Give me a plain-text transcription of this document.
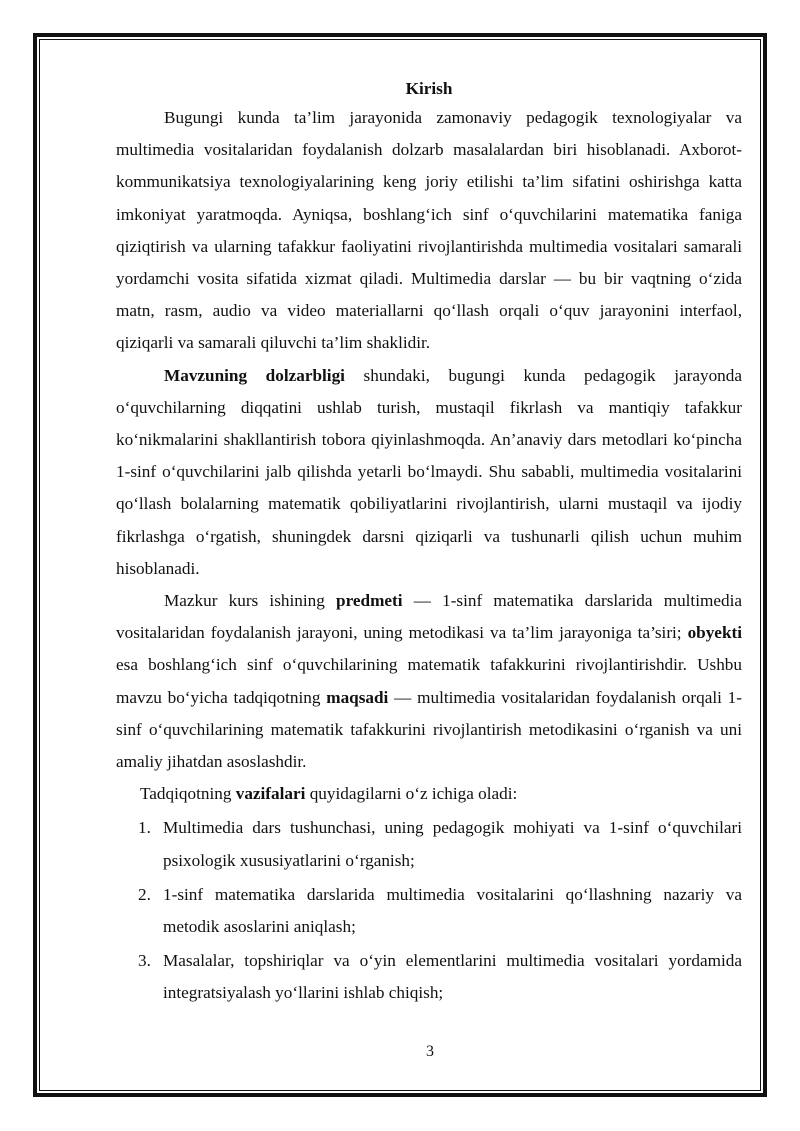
Kirish

Bugungi kunda ta’lim jarayonida zamonaviy pedagogik texnologiyalar va multimedia vositalaridan foydalanish dolzarb masalalardan biri hisoblanadi. Axborot-kommunikatsiya texnologiyalarining keng joriy etilishi ta’lim sifatini oshirishga katta imkoniyat yaratmoqda. Ayniqsa, boshlang‘ich sinf o‘quvchilarini matematika faniga qiziqtirish va ularning tafakkur faoliyatini rivojlantirishda multimedia vositalari samarali yordamchi vosita sifatida xizmat qiladi. Multimedia darslar — bu bir vaqtning o‘zida matn, rasm, audio va video materiallarni qo‘llash orqali o‘quv jarayonini interfaol, qiziqarli va samarali qiluvchi ta’lim shaklidir.

Mavzuning dolzarbligi shundaki, bugungi kunda pedagogik jarayonda o‘quvchilarning diqqatini ushlab turish, mustaqil fikrlash va mantiqiy tafakkur ko‘nikmalarini shakllantirish tobora qiyinlashmoqda. An’anaviy dars metodlari ko‘pincha 1-sinf o‘quvchilarini jalb qilishda yetarli bo‘lmaydi. Shu sababli, multimedia vositalarini qo‘llash bolalarning matematik qobiliyatlarini rivojlantirish, ularni mustaqil va ijodiy fikrlashga o‘rgatish, shuningdek darsni qiziqarli va tushunarli qilish uchun muhim hisoblanadi.

Mazkur kurs ishining predmeti — 1-sinf matematika darslarida multimedia vositalaridan foydalanish jarayoni, uning metodikasi va ta’lim jarayoniga ta’siri; obyekti esa boshlang‘ich sinf o‘quvchilarining matematik tafakkurini rivojlantirishdir. Ushbu mavzu bo‘yicha tadqiqotning maqsadi — multimedia vositalaridan foydalanish orqali 1-sinf o‘quvchilarining matematik tafakkurini rivojlantirish metodikasini o‘rganish va uni amaliy jihatdan asoslashdir.

Tadqiqotning vazifalari quyidagilarni o‘z ichiga oladi:

1. Multimedia dars tushunchasi, uning pedagogik mohiyati va 1-sinf o‘quvchilari psixologik xususiyatlarini o‘rganish;
2. 1-sinf matematika darslarida multimedia vositalarini qo‘llashning nazariy va metodik asoslarini aniqlash;
3. Masalalar, topshiriqlar va o‘yin elementlarini multimedia vositalari yordamida integratsiyalash yo‘llarini ishlab chiqish;
3
